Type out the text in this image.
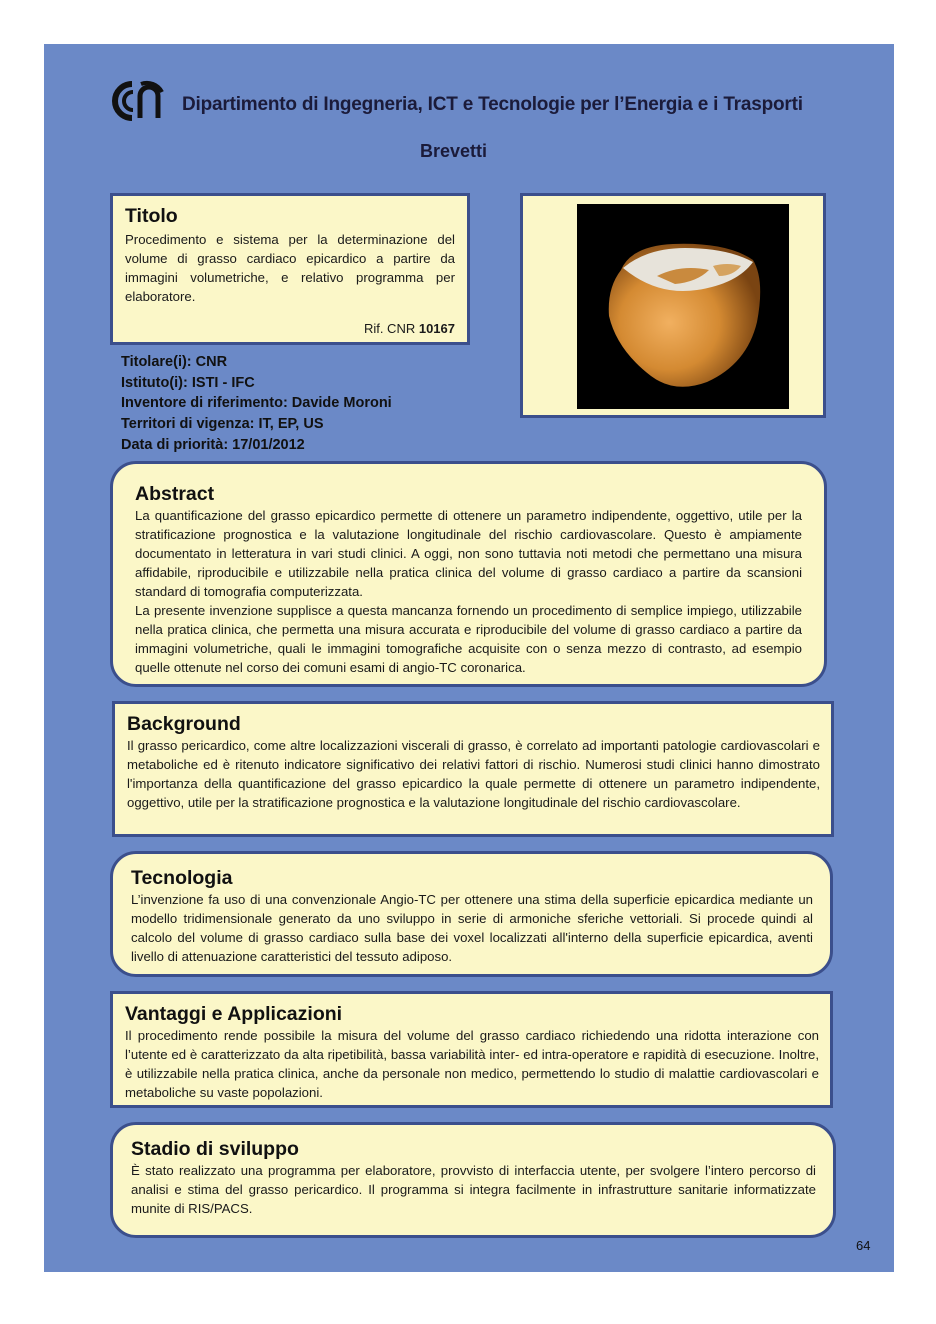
Dipartimento di Ingegneria, ICT e Tecnologie per l’Energia e i Trasporti
Brevetti
Titolo

Procedimento e sistema per la determinazione del volume di grasso cardiaco epicardico a partire da immagini volumetriche, e relativo programma per elaboratore.

Rif. CNR 10167
Titolare(i): CNR
Istituto(i): ISTI - IFC
Inventore di riferimento: Davide Moroni
Territori di vigenza: IT, EP, US
Data di priorità: 17/01/2012
Abstract

La quantificazione del grasso epicardico permette di ottenere un parametro indipendente, oggettivo, utile per la stratificazione prognostica e la valutazione longitudinale del rischio cardiovascolare. Questo è ampiamente documentato in letteratura in vari studi clinici. A oggi, non sono tuttavia noti metodi che permettano una misura affidabile, riproducibile e utilizzabile nella pratica clinica del volume di grasso cardiaco a partire da scansioni standard di tomografia computerizzata.

La presente invenzione supplisce a questa mancanza fornendo un procedimento di semplice impiego, utilizzabile nella pratica clinica, che permetta una misura accurata e riproducibile del volume di grasso cardiaco a partire da immagini volumetriche, quali le immagini tomografiche acquisite con o senza mezzo di contrasto, ad esempio quelle ottenute nel corso dei comuni esami di angio-TC coronarica.

Background

Il grasso pericardico, come altre localizzazioni viscerali di grasso, è correlato ad importanti patologie cardiovascolari e metaboliche ed è ritenuto indicatore significativo dei relativi fattori di rischio. Numerosi studi clinici hanno dimostrato l'importanza della quantificazione del grasso epicardico la quale permette di ottenere un parametro indipendente, oggettivo, utile per la stratificazione prognostica e la valutazione longitudinale del rischio cardiovascolare.

Tecnologia

L’invenzione fa uso di una convenzionale Angio-TC per ottenere una stima della superficie epicardica mediante un modello tridimensionale generato da uno sviluppo in serie di armoniche sferiche vettoriali. Si procede quindi al calcolo del volume di grasso cardiaco sulla base dei voxel localizzati all'interno della superficie epicardica, aventi livello di attenuazione caratteristici del tessuto adiposo.

Vantaggi e Applicazioni

Il procedimento rende possibile la misura del volume del grasso cardiaco richiedendo una ridotta interazione con l’utente ed è caratterizzato da alta ripetibilità, bassa variabilità inter- ed intra-operatore e rapidità di esecuzione. Inoltre, è utilizzabile nella pratica clinica, anche da personale non medico, permettendo lo studio di malattie cardiovascolari e metaboliche su vaste popolazioni.

Stadio di sviluppo

È stato realizzato una programma per elaboratore, provvisto di interfaccia utente, per svolgere l’intero percorso di analisi e stima del grasso pericardico. Il programma si integra facilmente in infrastrutture sanitarie informatizzate munite di RIS/PACS.

64
